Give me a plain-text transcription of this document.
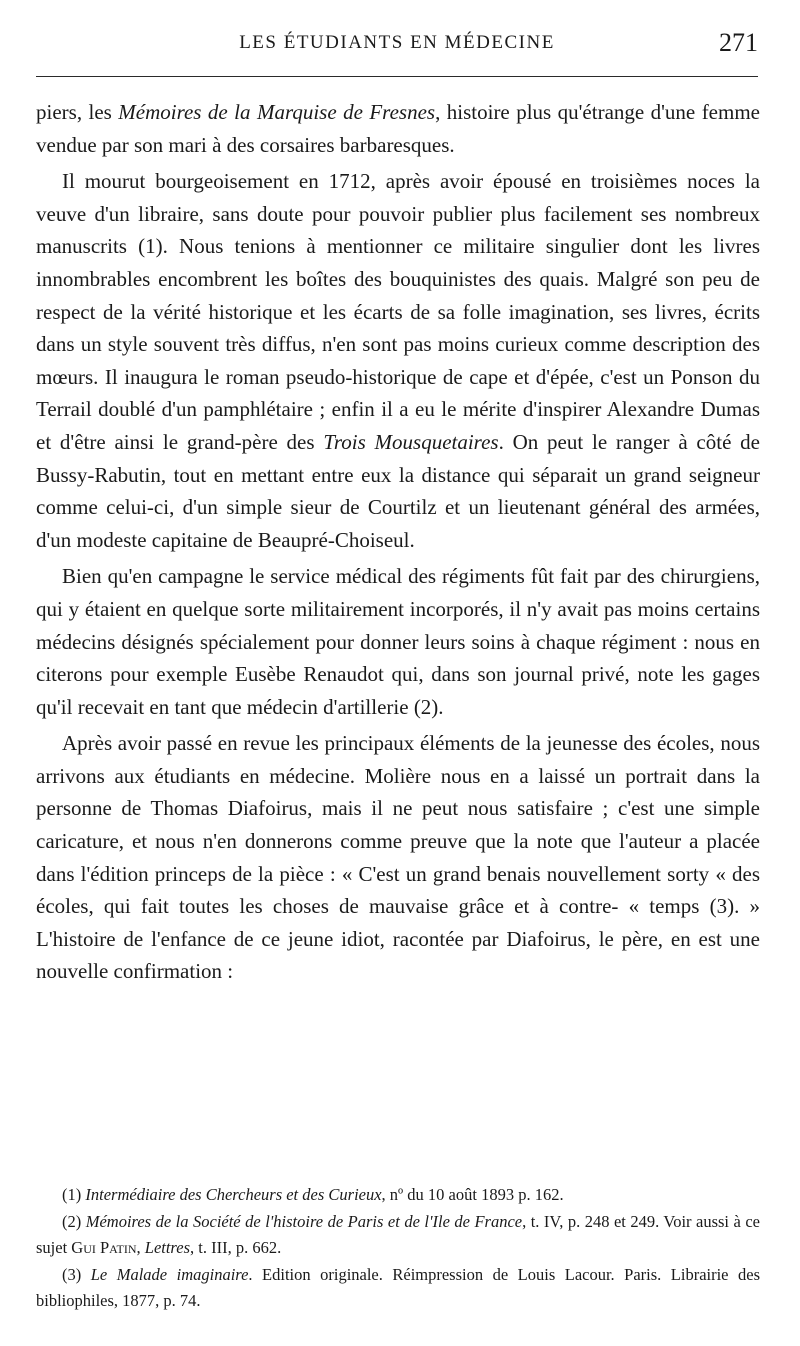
LES ÉTUDIANTS EN MÉDECINE	271

piers, les Mémoires de la Marquise de Fresnes, histoire plus qu'étrange d'une femme vendue par son mari à des corsaires barbaresques.

Il mourut bourgeoisement en 1712, après avoir épousé en troisièmes noces la veuve d'un libraire, sans doute pour pouvoir publier plus facilement ses nombreux manuscrits (1). Nous tenions à mentionner ce militaire singulier dont les livres innombrables encombrent les boîtes des bouquinistes des quais. Malgré son peu de respect de la vérité historique et les écarts de sa folle imagination, ses livres, écrits dans un style souvent très diffus, n'en sont pas moins curieux comme description des mœurs. Il inaugura le roman pseudo-historique de cape et d'épée, c'est un Ponson du Terrail doublé d'un pamphlétaire ; enfin il a eu le mérite d'inspirer Alexandre Dumas et d'être ainsi le grand-père des Trois Mousquetaires. On peut le ranger à côté de Bussy-Rabutin, tout en mettant entre eux la distance qui séparait un grand seigneur comme celui-ci, d'un simple sieur de Courtilz et un lieutenant général des armées, d'un modeste capitaine de Beaupré-Choiseul.

Bien qu'en campagne le service médical des régiments fût fait par des chirurgiens, qui y étaient en quelque sorte militairement incorporés, il n'y avait pas moins certains médecins désignés spécialement pour donner leurs soins à chaque régiment : nous en citerons pour exemple Eusèbe Renaudot qui, dans son journal privé, note les gages qu'il recevait en tant que médecin d'artillerie (2).

Après avoir passé en revue les principaux éléments de la jeunesse des écoles, nous arrivons aux étudiants en médecine. Molière nous en a laissé un portrait dans la personne de Thomas Diafoirus, mais il ne peut nous satisfaire ; c'est une simple caricature, et nous n'en donnerons comme preuve que la note que l'auteur a placée dans l'édition princeps de la pièce : « C'est un grand benais nouvellement sorty « des écoles, qui fait toutes les choses de mauvaise grâce et à contre- « temps (3). » L'histoire de l'enfance de ce jeune idiot, racontée par Diafoirus, le père, en est une nouvelle confirmation :

(1) Intermédiaire des Chercheurs et des Curieux, nº du 10 août 1893 p. 162.

(2) Mémoires de la Société de l'histoire de Paris et de l'Ile de France, t. IV, p. 248 et 249. Voir aussi à ce sujet Gui Patin, Lettres, t. III, p. 662.

(3) Le Malade imaginaire. Edition originale. Réimpression de Louis Lacour. Paris. Librairie des bibliophiles, 1877, p. 74.
